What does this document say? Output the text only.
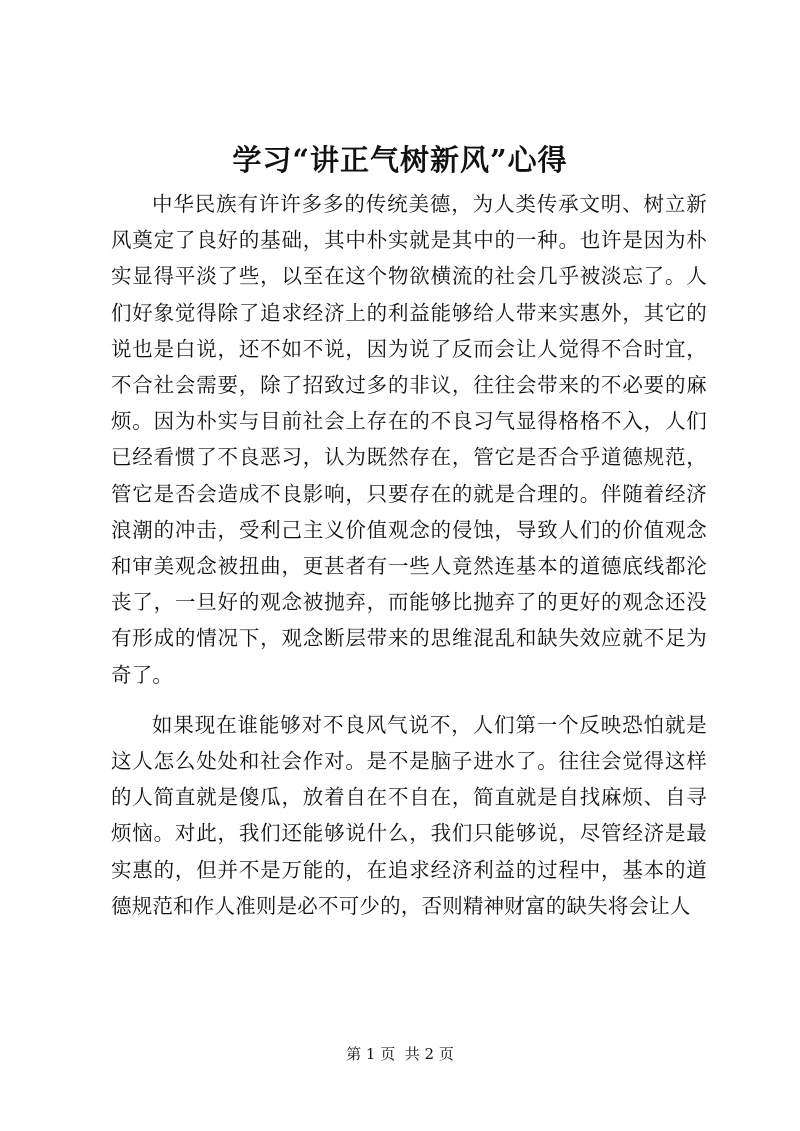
学习“讲正气树新风”心得

中华民族有许许多多的传统美德，为人类传承文明、树立新风奠定了良好的基础，其中朴实就是其中的一种。也许是因为朴实显得平淡了些，以至在这个物欲横流的社会几乎被淡忘了。人们好象觉得除了追求经济上的利益能够给人带来实惠外，其它的说也是白说，还不如不说，因为说了反而会让人觉得不合时宜，不合社会需要，除了招致过多的非议，往往会带来的不必要的麻烦。因为朴实与目前社会上存在的不良习气显得格格不入，人们已经看惯了不良恶习，认为既然存在，管它是否合乎道德规范，管它是否会造成不良影响，只要存在的就是合理的。伴随着经济浪潮的冲击，受利己主义价值观念的侵蚀，导致人们的价值观念和审美观念被扭曲，更甚者有一些人竟然连基本的道德底线都沦丧了，一旦好的观念被抛弃，而能够比抛弃了的更好的观念还没有形成的情况下，观念断层带来的思维混乱和缺失效应就不足为奇了。

如果现在谁能够对不良风气说不，人们第一个反映恐怕就是这人怎么处处和社会作对。是不是脑子进水了。往往会觉得这样的人简直就是傻瓜，放着自在不自在，简直就是自找麻烦、自寻烦恼。对此，我们还能够说什么，我们只能够说，尽管经济是最实惠的，但并不是万能的，在追求经济利益的过程中，基本的道德规范和作人准则是必不可少的，否则精神财富的缺失将会让人

第 1 页  共 2 页
